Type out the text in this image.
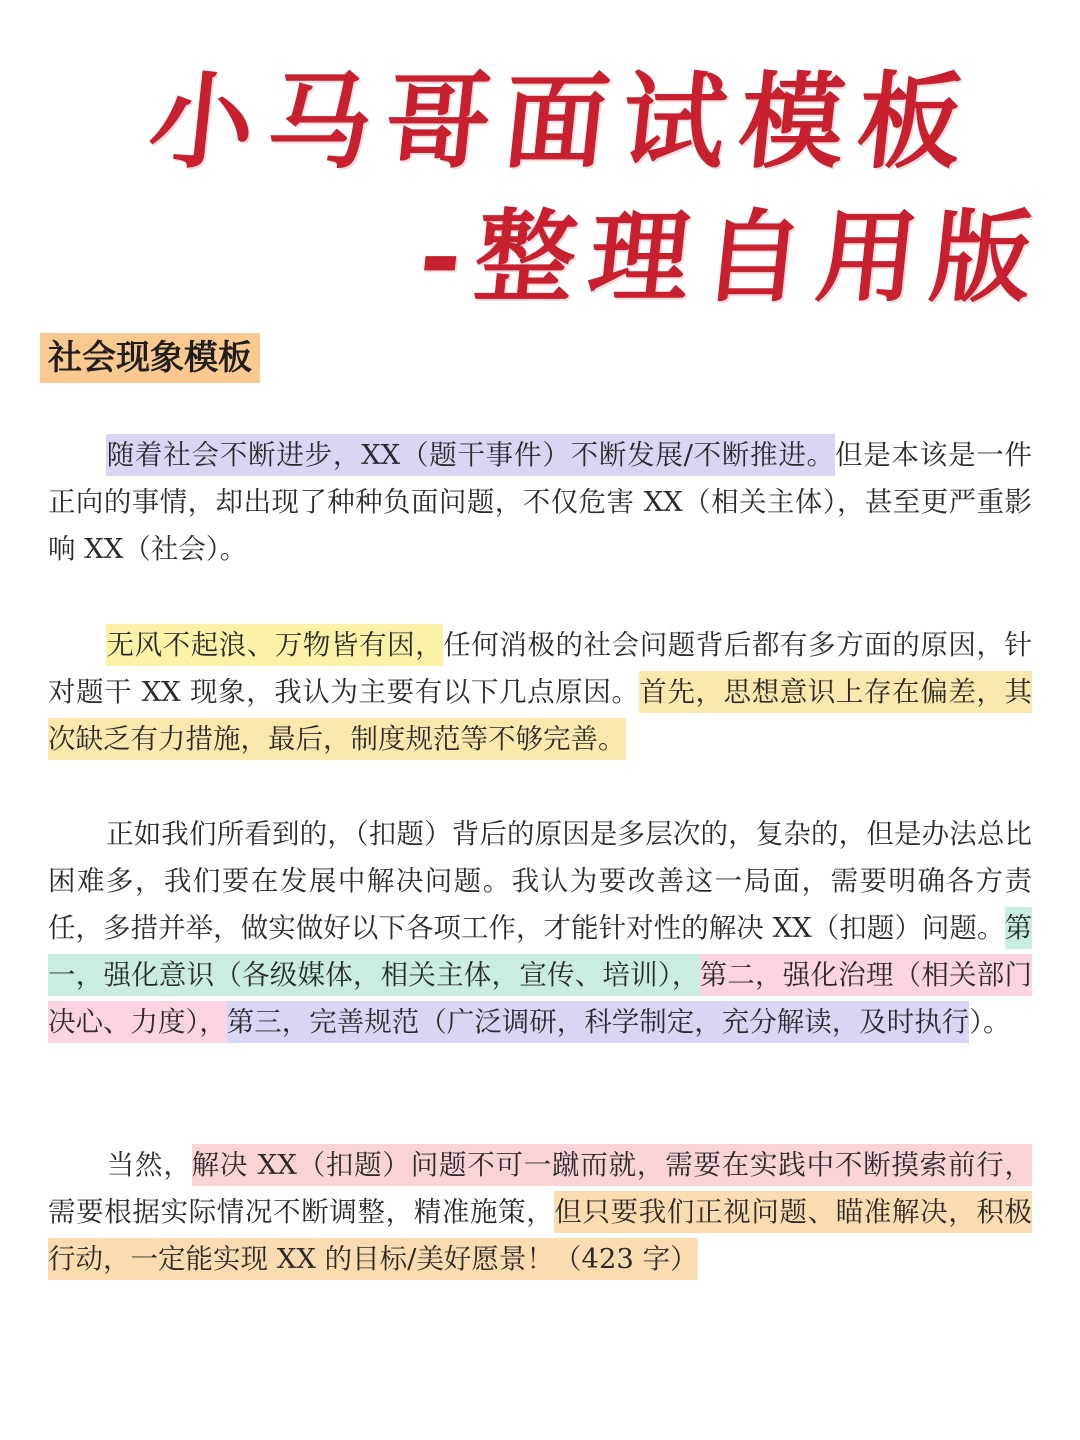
小马哥面试模板
-整理自用版
社会现象模板

随着社会不断进步，XX（题干事件）不断发展/不断推进。但是本该是一件正向的事情，却出现了种种负面问题，不仅危害 XX（相关主体），甚至更严重影响 XX（社会）。

无风不起浪、万物皆有因，任何消极的社会问题背后都有多方面的原因，针对题干 XX 现象，我认为主要有以下几点原因。首先，思想意识上存在偏差，其次缺乏有力措施，最后，制度规范等不够完善。

正如我们所看到的，（扣题）背后的原因是多层次的，复杂的，但是办法总比困难多，我们要在发展中解决问题。我认为要改善这一局面，需要明确各方责任，多措并举，做实做好以下各项工作，才能针对性的解决 XX（扣题）问题。第一，强化意识（各级媒体，相关主体，宣传、培训），第二，强化治理（相关部门决心、力度），第三，完善规范（广泛调研，科学制定，充分解读，及时执行）。

当然，解决 XX（扣题）问题不可一蹴而就，需要在实践中不断摸索前行，需要根据实际情况不断调整，精准施策，但只要我们正视问题、瞄准解决，积极行动，一定能实现 XX 的目标/美好愿景！（423 字）
